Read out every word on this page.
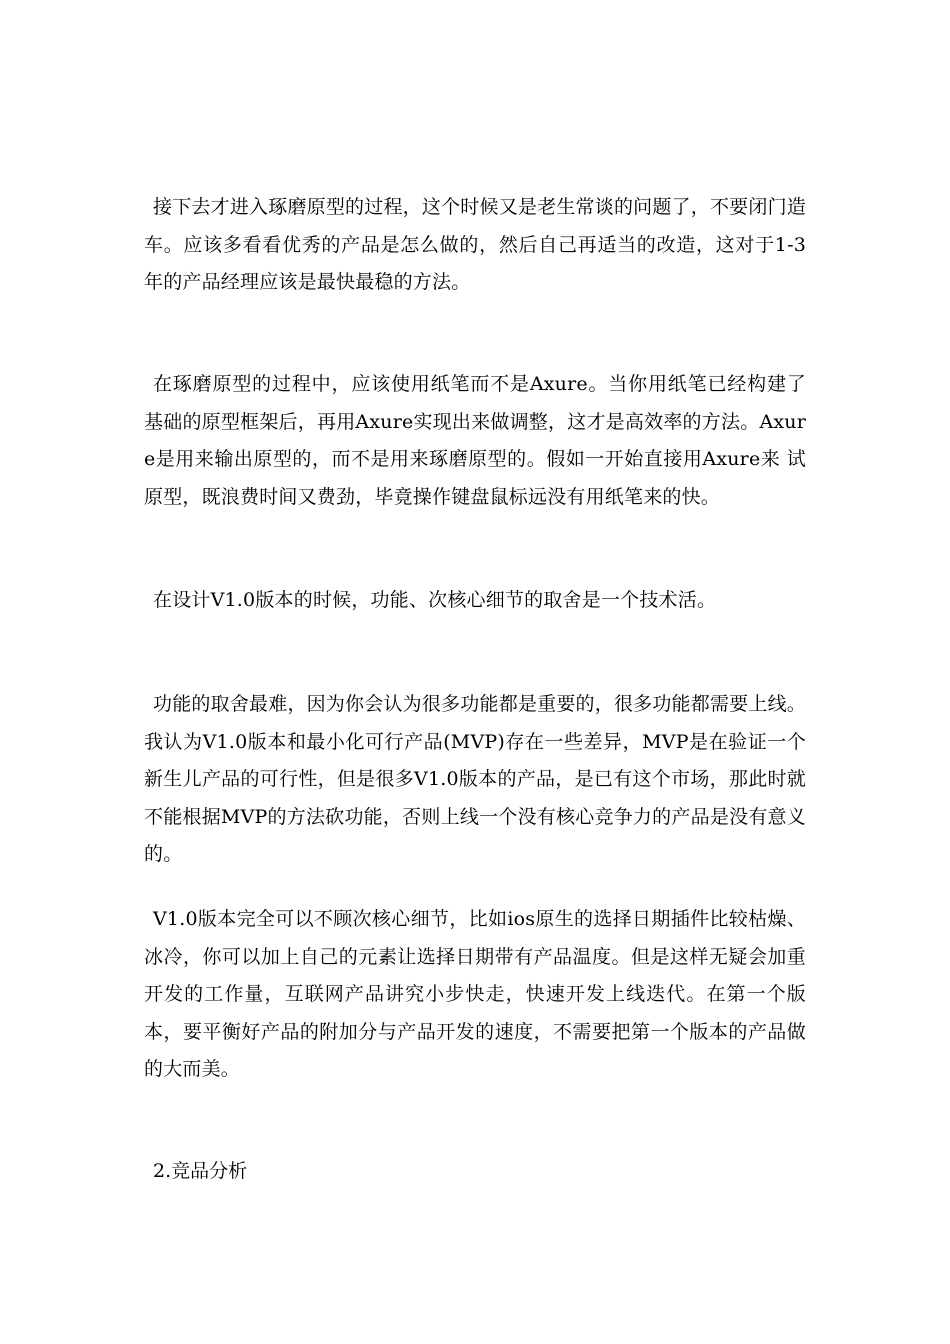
接下去才进入琢磨原型的过程，这个时候又是老生常谈的问题了，不要闭门造车。应该多看看优秀的产品是怎么做的，然后自己再适当的改造，这对于1-3年的产品经理应该是最快最稳的方法。

在琢磨原型的过程中，应该使用纸笔而不是Axure。当你用纸笔已经构建了基础的原型框架后，再用Axure实现出来做调整，这才是高效率的方法。Axure是用来输出原型的，而不是用来琢磨原型的。假如一开始直接用Axure来 试 原型，既浪费时间又费劲，毕竟操作键盘鼠标远没有用纸笔来的快。

在设计V1.0版本的时候，功能、次核心细节的取舍是一个技术活。

功能的取舍最难，因为你会认为很多功能都是重要的，很多功能都需要上线。我认为V1.0版本和最小化可行产品(MVP)存在一些差异，MVP是在验证一个新生儿产品的可行性，但是很多V1.0版本的产品，是已有这个市场，那此时就不能根据MVP的方法砍功能，否则上线一个没有核心竞争力的产品是没有意义的。

V1.0版本完全可以不顾次核心细节，比如ios原生的选择日期插件比较枯燥、冰冷，你可以加上自己的元素让选择日期带有产品温度。但是这样无疑会加重开发的工作量，互联网产品讲究小步快走，快速开发上线迭代。在第一个版本，要平衡好产品的附加分与产品开发的速度，不需要把第一个版本的产品做的大而美。

2.竞品分析
